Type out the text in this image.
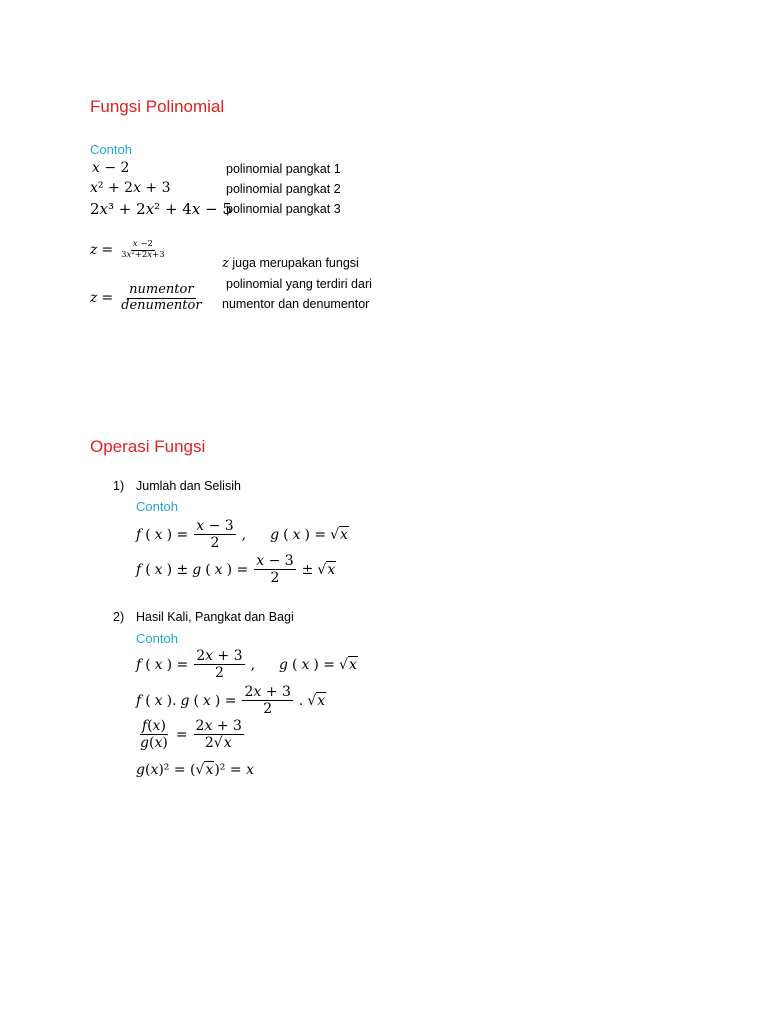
Fungsi Polinomial
Contoh
x − 2
x² + 2x + 3
2x³ + 2x² + 4x − 5
polinomial pangkat 1
polinomial pangkat 2
polinomial pangkat 3
$z = \frac{x -2}{\text{3x²+2x+3}}$
$z = \frac{\text{numentor}}{\text{denumentor}}$
z juga merupakan fungsi
polinomial yang terdiri dari
numentor dan denumentor
Operasi Fungsi
1) Jumlah dan Selisih
Contoh
f ( x ) = $\frac{x - 3}{2}$ , g ( x ) = √x
f ( x ) ± g ( x ) = $\frac{x - 3}{2} \pm √x$
2) Hasil Kali, Pangkat dan Bagi
Contoh
f ( x ) = $\frac{2x + 3}{2}$ , g ( x ) = √x
f ( x ). g ( x ) = $\frac{2x + 3}{2}$ . √x
$\frac{f(x)}{g(x)} = \frac{2x + 3}{2√x}$
g(x)² = (√x)² = x
